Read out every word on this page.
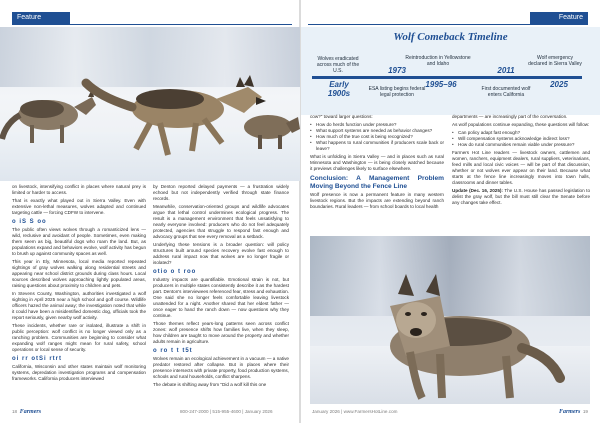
Feature	Feature
Wolf Comeback Timeline
Wolves eradicated across much of the U.S.
Early 1900s
1973
ESA listing begins federal legal protection
Reintroduction in Yellowstone and Idaho
1995–96
2011
First documented wolf enters California
Wolf emergency declared in Sierra Valley
2025

on livestock, intensifying conflict in places where natural prey is limited or harder to access.

That is exactly what played out in Sierra Valley. Even with extensive non-lethal measures, wolves adapted and continued targeting cattle — forcing CDFW to intervene.

o iS S oo

The public often views wolves through a romanticized lens — wild, reclusive and avoidant of people. Sometimes, even making them seem as big, beautiful dogs who roam the land. But, as populations expand and behaviors evolve, wolf activity has begun to brush up against community spaces as well.

This year in Ely, Minnesota, local media reported repeated sightings of gray wolves walking along residential streets and appearing near school district grounds during class hours. Local sources described wolves approaching lightly populated areas, raising questions about proximity to children and pets.

In Stevens County, Washington, authorities investigated a wolf sighting in April 2025 near a high school and golf course. Wildlife officers hazed the animal away; the investigation noted that while it could have been a misidentified domestic dog, officials took the report seriously, given nearby wolf activity.

These incidents, whether rare or isolated, illustrate a shift in public perception: wolf conflict is no longer viewed only as a ranching problem. Communities are beginning to consider what expanding wolf ranges might mean for rural safety, school operations or local sense of security.

oi rr otSi rtrt

California, Wisconsin and other states maintain wolf monitoring systems, depredation investigation programs and compensation frameworks. California producers interviewed

by Denton reported delayed payments — a frustration widely echoed but not independently verified through state finance records.

Meanwhile, conservation-oriented groups and wildlife advocates argue that lethal control undermines ecological progress. The result is a management environment that feels unsatisfying to nearly everyone involved: producers who do not feel adequately protected, agencies that struggle to respond fast enough and advocacy groups that see every removal as a setback.

Underlying these tensions is a broader question: will policy structures built around species recovery evolve fast enough to address rural impact now that wolves are no longer fragile or isolated?

otio o t roo

Industry impacts are quantifiable. Emotional strain is not, but producers in multiple states consistently describe it as the hardest part. Denton's interviewees referenced fear, stress and exhaustion. One said she no longer feels comfortable leaving livestock unattended for a night. Another shared that her eldest father — once eager to hand the ranch down — now questions why they continue.

Those themes reflect years-long patterns seen across conflict zones: wolf presence shifts how families live, when they sleep, how children are taught to move around the property and whether adults remain in agriculture.

o ro t t t5t

Wolves remain an ecological achievement in a vacuum — a native predator restored after collapse. But in places where their presence intersects with private property, food production systems, schools and rural households, conflict sharpens.

The debate is shifting away from "Did a wolf kill this one

cow?" toward larger questions:

• How do herds function under pressure?
• What support systems are needed as behavior changes?
• How much of the true cost is being recognized?
• What happens to rural communities if producers scale back or leave?

What is unfolding in Sierra Valley — and in places such as rural Minnesota and Washington — is being closely watched because it previews challenges likely to surface elsewhere.

Conclusion: A Management Problem Moving Beyond the Fence Line

Wolf presence is now a permanent feature in many western livestock regions. But the impacts are extending beyond ranch boundaries. Rural leaders — from school boards to local health

departments — are increasingly part of the conversation.

As wolf populations continue expanding, these questions will follow:

• Can policy adapt fast enough?
• Will compensation systems acknowledge indirect loss?
• How do rural communities remain viable under pressure?

Farmers Hot Line readers — livestock owners, cattlemen and women, ranchers, equipment dealers, rural suppliers, veterinarians, feed mills and local civic voices — will be part of that discussion, whether or not wolves ever appear on their land. Because what starts at the fence line increasingly moves into town halls, classrooms and dinner tables.

Update (Dec. 16, 2025): The U.S. House has passed legislation to delist the gray wolf, but the bill must still clear the Senate before any changes take effect.

18 Farmers	800-247-2000 | 515-955-4600 | January 2026	January 2026 | www.FarmersHotLine.com	Farmers 19
